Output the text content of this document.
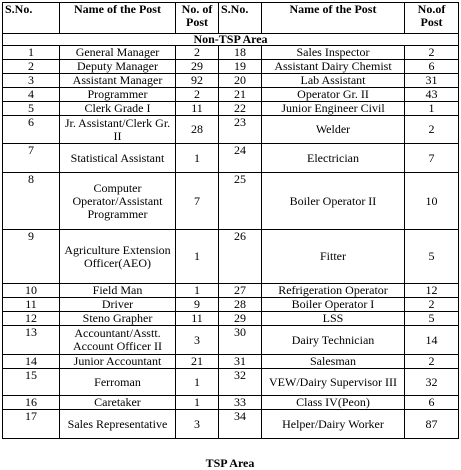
S.No.	Name of the Post	No. of Post	S.No.	Name of the Post	No.of Post
Non-TSP Area					
1	General Manager	2	18	Sales Inspector	2
2	Deputy Manager	29	19	Assistant Dairy Chemist	6
3	Assistant Manager	92	20	Lab Assistant	31
4	Programmer	2	21	Operator Gr. II	43
5	Clerk Grade I	11	22	Junior Engineer Civil	1
6	Jr. Assistant/Clerk Gr. II	28	23	Welder	2
7	Statistical Assistant	1	24	Electrician	7
8	Computer Operator/Assistant Programmer	7	25	Boiler Operator II	10
9	Agriculture Extension Officer(AEO)	1	26	Fitter	5
10	Field Man	1	27	Refrigeration Operator	12
11	Driver	9	28	Boiler Operator I	2
12	Steno Grapher	11	29	LSS	5
13	Accountant/Asstt. Account Officer II	3	30	Dairy Technician	14
14	Junior Accountant	21	31	Salesman	2
15	Ferroman	1	32	VEW/Dairy Supervisor III	32
16	Caretaker	1	33	Class IV(Peon)	6
17	Sales Representative	3	34	Helper/Dairy Worker	87
TSP Area
